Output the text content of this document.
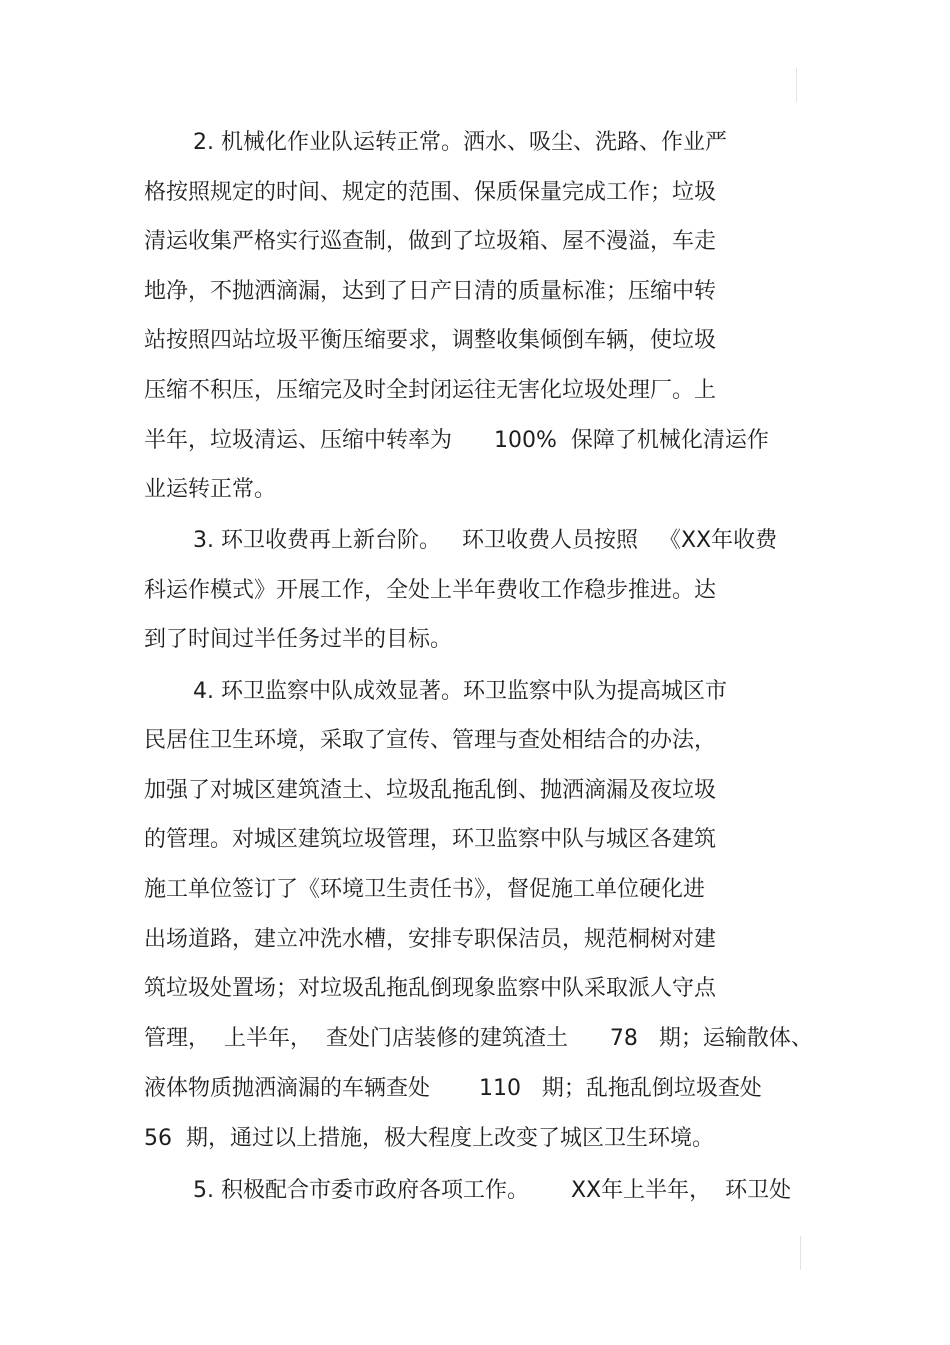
2. 机械化作业队运转正常。洒水、吸尘、洗路、作业严

格按照规定的时间、规定的范围、保质保量完成工作；垃圾

清运收集严格实行巡查制，做到了垃圾箱、屋不漫溢，车走

地净，不抛洒滴漏，达到了日产日清的质量标准；压缩中转

站按照四站垃圾平衡压缩要求，调整收集倾倒车辆，使垃圾

压缩不积压，压缩完及时全封闭运往无害化垃圾处理厂。上

半年，垃圾清运、压缩中转率为      100%  保障了机械化清运作

业运转正常。

3. 环卫收费再上新台阶。   环卫收费人员按照   《XX年收费

科运作模式》开展工作，全处上半年费收工作稳步推进。达

到了时间过半任务过半的目标。

4. 环卫监察中队成效显著。环卫监察中队为提高城区市

民居住卫生环境，采取了宣传、管理与查处相结合的办法，

加强了对城区建筑渣土、垃圾乱拖乱倒、抛洒滴漏及夜垃圾

的管理。对城区建筑垃圾管理，环卫监察中队与城区各建筑

施工单位签订了《环境卫生责任书》，督促施工单位硬化进

出场道路，建立冲洗水槽，安排专职保洁员，规范桐树对建

筑垃圾处置场；对垃圾乱拖乱倒现象监察中队采取派人守点

管理，  上半年，  查处门店装修的建筑渣土      78   期；运输散体、

液体物质抛洒滴漏的车辆查处       110   期；乱拖乱倒垃圾查处

56  期，通过以上措施，极大程度上改变了城区卫生环境。

5. 积极配合市委市政府各项工作。      XX年上半年，  环卫处
